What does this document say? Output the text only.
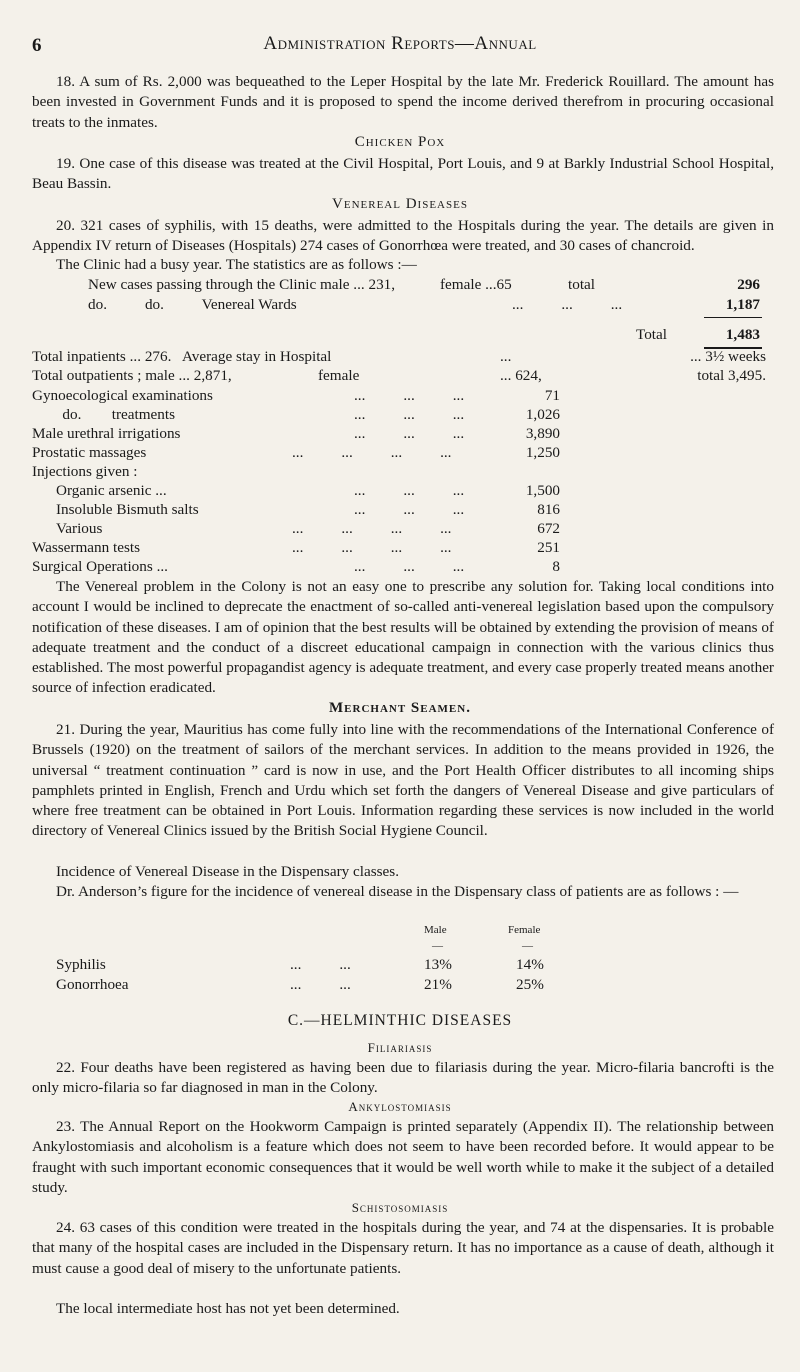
6	Administration Reports—Annual
18. A sum of Rs. 2,000 was bequeathed to the Leper Hospital by the late Mr. Frederick Rouillard. The amount has been invested in Government Funds and it is proposed to spend the income derived therefrom in procuring occasional treats to the inmates.
Chicken Pox
19. One case of this disease was treated at the Civil Hospital, Port Louis, and 9 at Barkly Industrial School Hospital, Beau Bassin.
Venereal Diseases
20. 321 cases of syphilis, with 15 deaths, were admitted to the Hospitals during the year. The details are given in Appendix IV return of Diseases (Hospitals) 274 cases of Gonorrhœa were treated, and 30 cases of chancroid.
The Clinic had a busy year. The statistics are as follows :—
New cases passing through the Clinic male ... 231,	female ...65	total	296
do.          do.          Venereal Wards	...          ...          ...	1,187
Total	1,483
Total inpatients ... 276.   Average stay in Hospital	...	... 3½ weeks
Total outpatients ; male ... 2,871,	female	... 624,	total 3,495.
Gynoecological examinations	...          ...          ...	71
do.        treatments	...          ...          ...	1,026
Male urethral irrigations	...          ...          ...	3,890
Prostatic massages	...          ...          ...          ...	1,250
Injections given :
Organic arsenic ...	...          ...          ...	1,500
Insoluble Bismuth salts	...          ...          ...	816
Various	...          ...          ...          ...	672
Wassermann tests	...          ...          ...          ...	251
Surgical Operations ...	...          ...          ...	8
The Venereal problem in the Colony is not an easy one to prescribe any solution for. Taking local conditions into account I would be inclined to deprecate the enactment of so-called anti-venereal legislation based upon the compulsory notification of these diseases. I am of opinion that the best results will be obtained by extending the provision of means of adequate treatment and the conduct of a discreet educational campaign in connection with the various clinics thus established. The most powerful propagandist agency is adequate treatment, and every case properly treated means another source of infection eradicated.
Merchant Seamen.
21. During the year, Mauritius has come fully into line with the recommendations of the International Conference of Brussels (1920) on the treatment of sailors of the merchant services. In addition to the means provided in 1926, the universal “ treatment continuation ” card is now in use, and the Port Health Officer distributes to all incoming ships pamphlets printed in English, French and Urdu which set forth the dangers of Venereal Disease and give particulars of where free treatment can be obtained in Port Louis. Information regarding these services is now included in the world directory of Venereal Clinics issued by the British Social Hygiene Council.
Incidence of Venereal Disease in the Dispensary classes.
Dr. Anderson’s figure for the incidence of venereal disease in the Dispensary class of patients are as follows : —
Male	Female
—	—
Syphilis	...          ...	13%	14%
Gonorrhoea	...          ...	21%	25%
C.—HELMINTHIC DISEASES
Filiariasis
22. Four deaths have been registered as having been due to filariasis during the year. Micro-filaria bancrofti is the only micro-filaria so far diagnosed in man in the Colony.
Ankylostomiasis
23. The Annual Report on the Hookworm Campaign is printed separately (Appendix II). The relationship between Ankylostomiasis and alcoholism is a feature which does not seem to have been recorded before. It would appear to be fraught with such important economic consequences that it would be well worth while to make it the subject of a detailed study.
Schistosomiasis
24. 63 cases of this condition were treated in the hospitals during the year, and 74 at the dispensaries. It is probable that many of the hospital cases are included in the Dispensary return. It has no importance as a cause of death, although it must cause a good deal of misery to the unfortunate patients.
The local intermediate host has not yet been determined.
